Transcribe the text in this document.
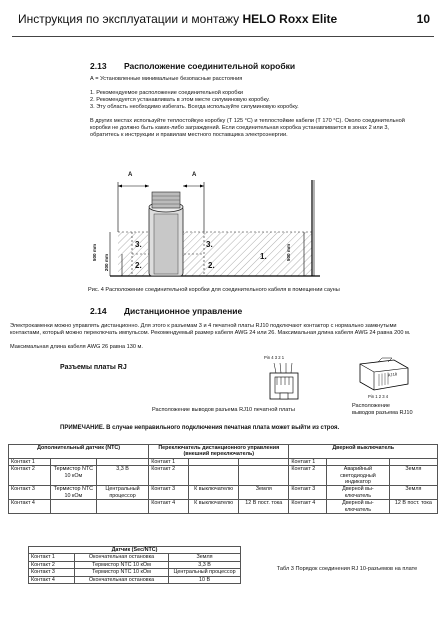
Инструкция по эксплуатации и монтажу HELO Roxx Elite	10
2.13 Расположение соединительной коробки
А = Установленные минимальные безопасные расстояния
1. Рекомендуемое расположение соединительной коробки
2. Рекомендуется устанавливать в этом месте силуминовую коробку.
3. Эту область необходимо избегать. Всегда используйте силуминовую коробку.
В других местах используйте теплостойкую коробку (Т 125 °С) и теплостойкие кабели (Т 170 °С). Около соединительной коробки не должно быть каких-либо заграждений. Если соединительная коробка устанавливается в зонах 2 или 3, обратитесь к инструкции и правилам местного поставщика электроэнергии.
A	A
3.	3.
2.	2.
1.
500 mm
200 mm
500 mm
Рис. 4 Расположение соединительной коробки для соединительного кабеля в помещении сауны
2.14 Дистанционное управление
Электрокаменки можно управлять дистанционно. Для этого к разъемам 3 и 4 печатной платы RJ10 подключают контактор с нормально замкнутыми контактами, который можно переключать импульсом. Рекомендуемый размер кабеля AWG 24 или 26. Максимальная длина кабеля AWG 24 равна 200 м.
Максимальная длина кабеля AWG 26 равна 130 м.
Разъемы платы RJ
Pin 4 3 2 1
RJ10
Pin 1 2 3 4
Расположение выводов разъема RJ10 печатной платы
Расположение
выводов разъема RJ10
ПРИМЕЧАНИЕ. В случае неправильного подключения печатная плата может выйти из строя.
Дополнительный датчик (NTC)			Переключатель дистанционного управления (внешний переключатель)			Дверной выключатель		
Контакт 1			Контакт 1			Контакт 1		
Контакт 2	Термистор NTC 10 кОм	3,3 В	Контакт 2			Контакт 2	Аварийный светодиодный индикатор	Земля
Контакт 3	Термистор NTC 10 кОм	Центральный процессор	Контакт 3	К выключателю	Земля	Контакт 3	Дверной вы-ключатель	Земля
Контакт 4			Контакт 4	К выключателю	12 В пост. тока	Контакт 4	Дверной вы-ключатель	12 В пост. тока
Датчик (Sec/NTC)		
Контакт 1	Окончательная остановка	Земля
Контакт 2	Термистор NTC 10 кОм	3,3 В
Контакт 3	Термистор NTC 10 кОм	Центральный процессор
Контакт 4	Окончательная остановка	10 В
Табл 3 Порядок соединения RJ 10-разъемов на плате
